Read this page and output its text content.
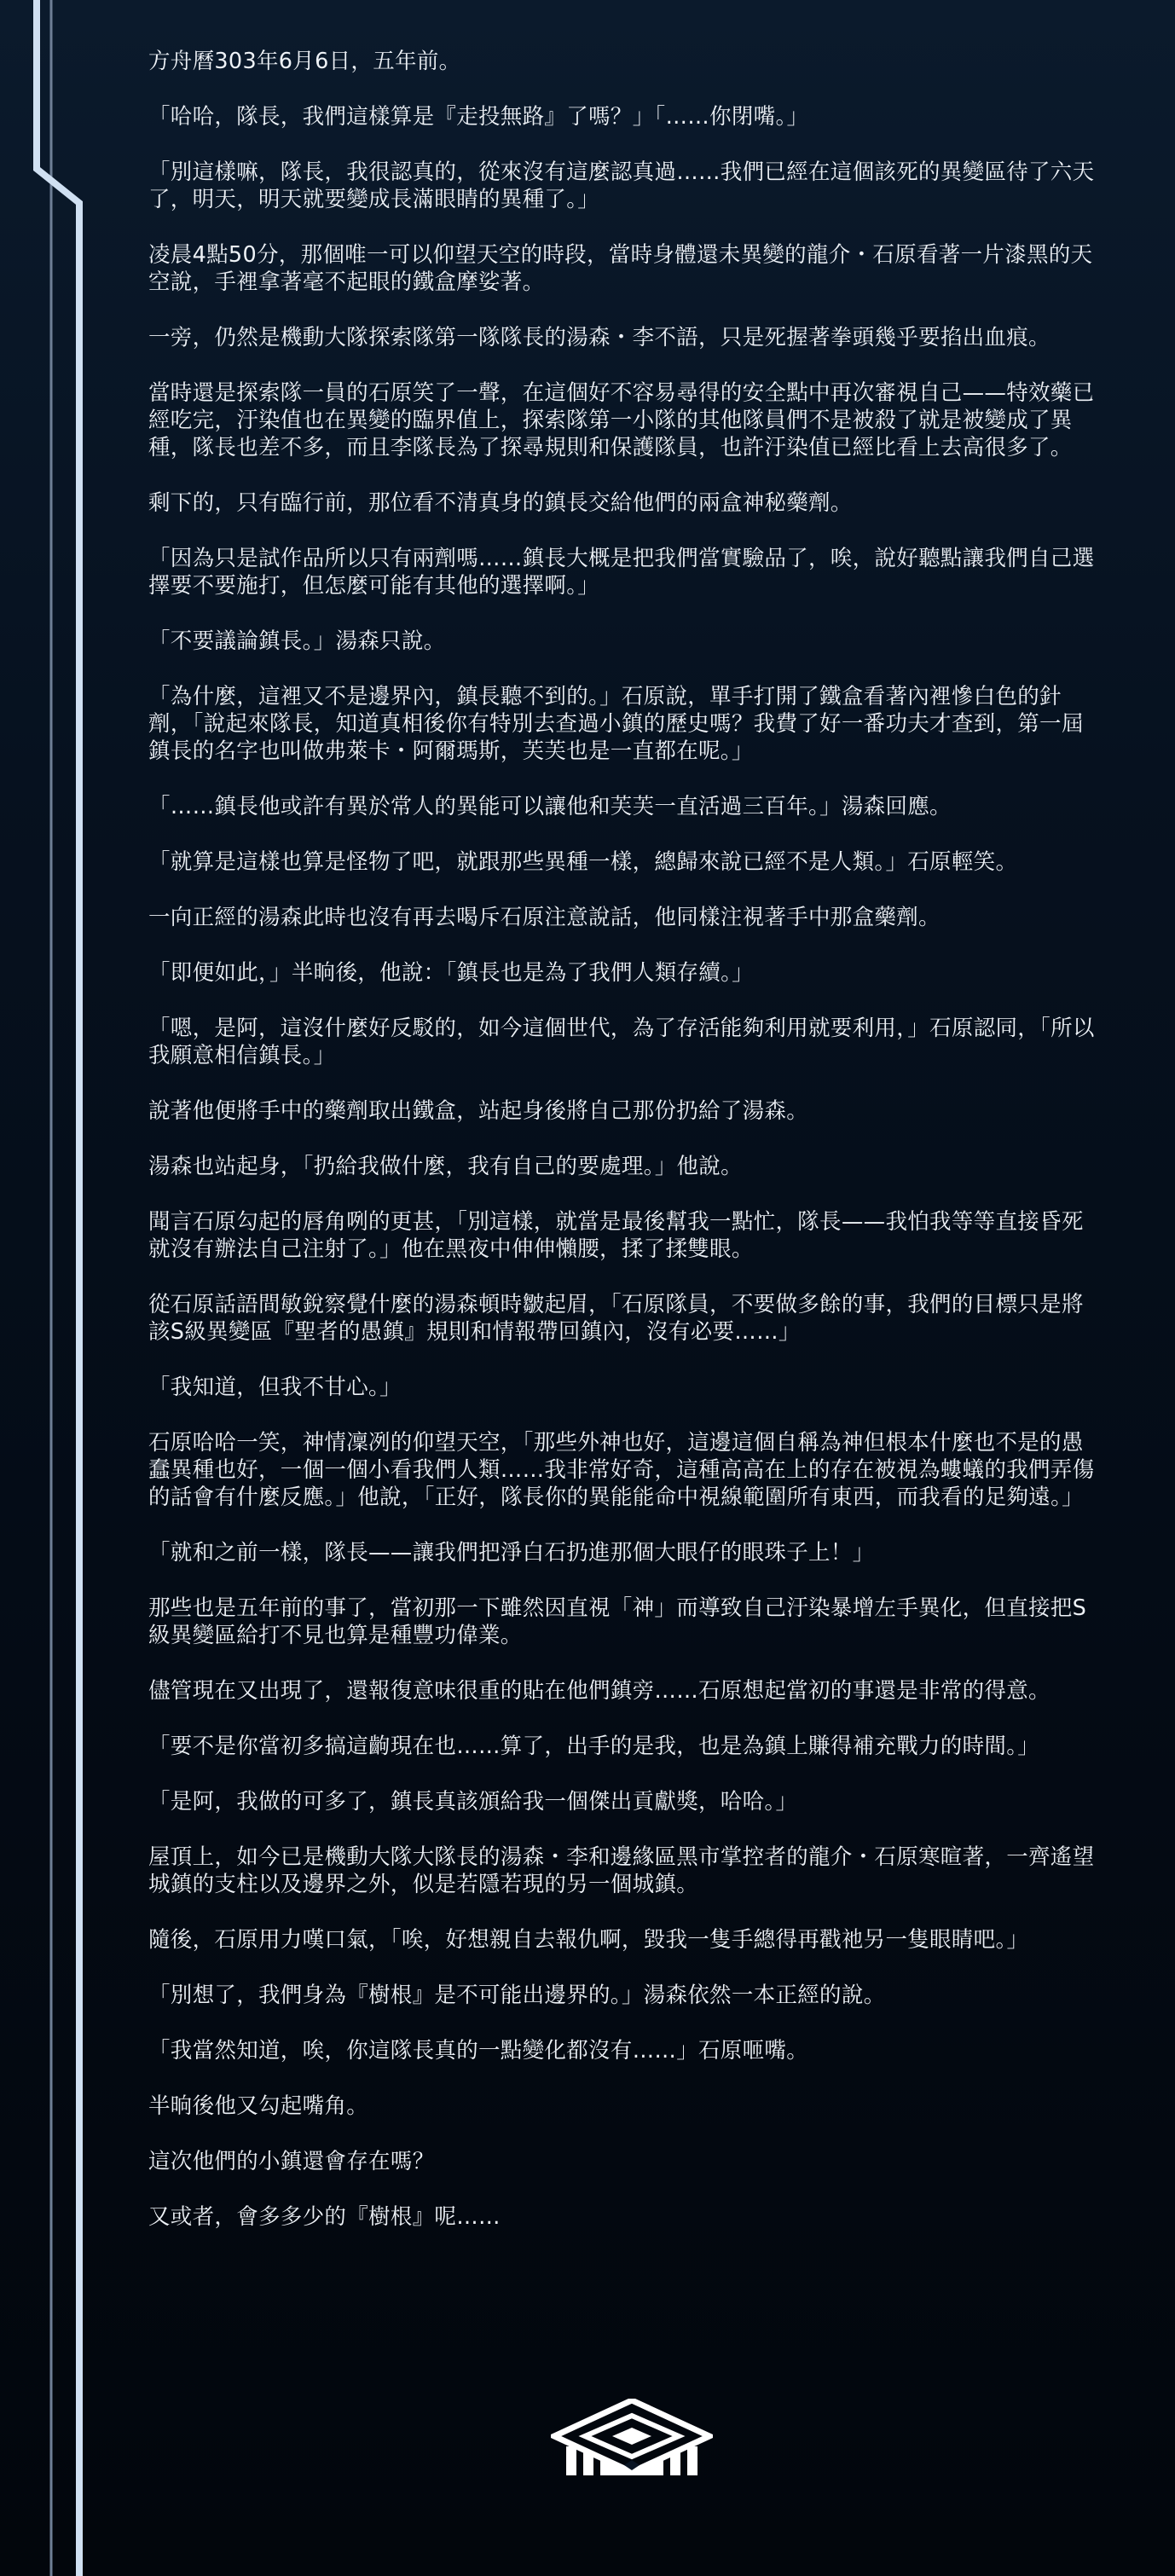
方舟曆303年6月6日，五年前。

「哈哈，隊長，我們這樣算是『走投無路』了嗎？」「……你閉嘴。」

「別這樣嘛，隊長，我很認真的，從來沒有這麼認真過……我們已經在這個該死的異變區待了六天了，明天，明天就要變成長滿眼睛的異種了。」

凌晨4點50分，那個唯一可以仰望天空的時段，當時身體還未異變的龍介・石原看著一片漆黑的天空說，手裡拿著毫不起眼的鐵盒摩娑著。

一旁，仍然是機動大隊探索隊第一隊隊長的湯森・李不語，只是死握著拳頭幾乎要掐出血痕。

當時還是探索隊一員的石原笑了一聲，在這個好不容易尋得的安全點中再次審視自己——特效藥已經吃完，汙染值也在異變的臨界值上，探索隊第一小隊的其他隊員們不是被殺了就是被變成了異種，隊長也差不多，而且李隊長為了探尋規則和保護隊員，也許汙染值已經比看上去高很多了。

剩下的，只有臨行前，那位看不清真身的鎮長交給他們的兩盒神秘藥劑。

「因為只是試作品所以只有兩劑嗎……鎮長大概是把我們當實驗品了，唉，說好聽點讓我們自己選擇要不要施打，但怎麼可能有其他的選擇啊。」

「不要議論鎮長。」湯森只說。

「為什麼，這裡又不是邊界內，鎮長聽不到的。」石原說，單手打開了鐵盒看著內裡慘白色的針劑，「說起來隊長，知道真相後你有特別去查過小鎮的歷史嗎？我費了好一番功夫才查到，第一屆鎮長的名字也叫做弗萊卡・阿爾瑪斯，芙芙也是一直都在呢。」

「……鎮長他或許有異於常人的異能可以讓他和芙芙一直活過三百年。」湯森回應。

「就算是這樣也算是怪物了吧，就跟那些異種一樣，總歸來說已經不是人類。」石原輕笑。

一向正經的湯森此時也沒有再去喝斥石原注意說話，他同樣注視著手中那盒藥劑。

「即便如此，」半晌後，他說：「鎮長也是為了我們人類存續。」

「嗯，是阿，這沒什麼好反駁的，如今這個世代，為了存活能夠利用就要利用，」石原認同，「所以我願意相信鎮長。」

說著他便將手中的藥劑取出鐵盒，站起身後將自己那份扔給了湯森。

湯森也站起身，「扔給我做什麼，我有自己的要處理。」他說。

聞言石原勾起的唇角咧的更甚，「別這樣，就當是最後幫我一點忙，隊長——我怕我等等直接昏死就沒有辦法自己注射了。」他在黑夜中伸伸懶腰，揉了揉雙眼。

從石原話語間敏銳察覺什麼的湯森頓時皺起眉，「石原隊員，不要做多餘的事，我們的目標只是將該S級異變區『聖者的愚鎮』規則和情報帶回鎮內，沒有必要……」

「我知道，但我不甘心。」

石原哈哈一笑，神情凜冽的仰望天空，「那些外神也好，這邊這個自稱為神但根本什麼也不是的愚蠢異種也好，一個一個小看我們人類……我非常好奇，這種高高在上的存在被視為螻蟻的我們弄傷的話會有什麼反應。」他說，「正好，隊長你的異能能命中視線範圍所有東西，而我看的足夠遠。」

「就和之前一樣，隊長——讓我們把淨白石扔進那個大眼仔的眼珠子上！」

那些也是五年前的事了，當初那一下雖然因直視「神」而導致自己汙染暴增左手異化，但直接把S級異變區給打不見也算是種豐功偉業。

儘管現在又出現了，還報復意味很重的貼在他們鎮旁……石原想起當初的事還是非常的得意。

「要不是你當初多搞這齣現在也……算了，出手的是我，也是為鎮上賺得補充戰力的時間。」

「是阿，我做的可多了，鎮長真該頒給我一個傑出貢獻獎，哈哈。」

屋頂上，如今已是機動大隊大隊長的湯森・李和邊緣區黑市掌控者的龍介・石原寒暄著，一齊遙望城鎮的支柱以及邊界之外，似是若隱若現的另一個城鎮。

隨後，石原用力嘆口氣，「唉，好想親自去報仇啊，毀我一隻手總得再戳祂另一隻眼睛吧。」

「別想了，我們身為『樹根』是不可能出邊界的。」湯森依然一本正經的說。

「我當然知道，唉，你這隊長真的一點變化都沒有……」石原咂嘴。

半晌後他又勾起嘴角。

這次他們的小鎮還會存在嗎？

又或者，會多多少的『樹根』呢……
